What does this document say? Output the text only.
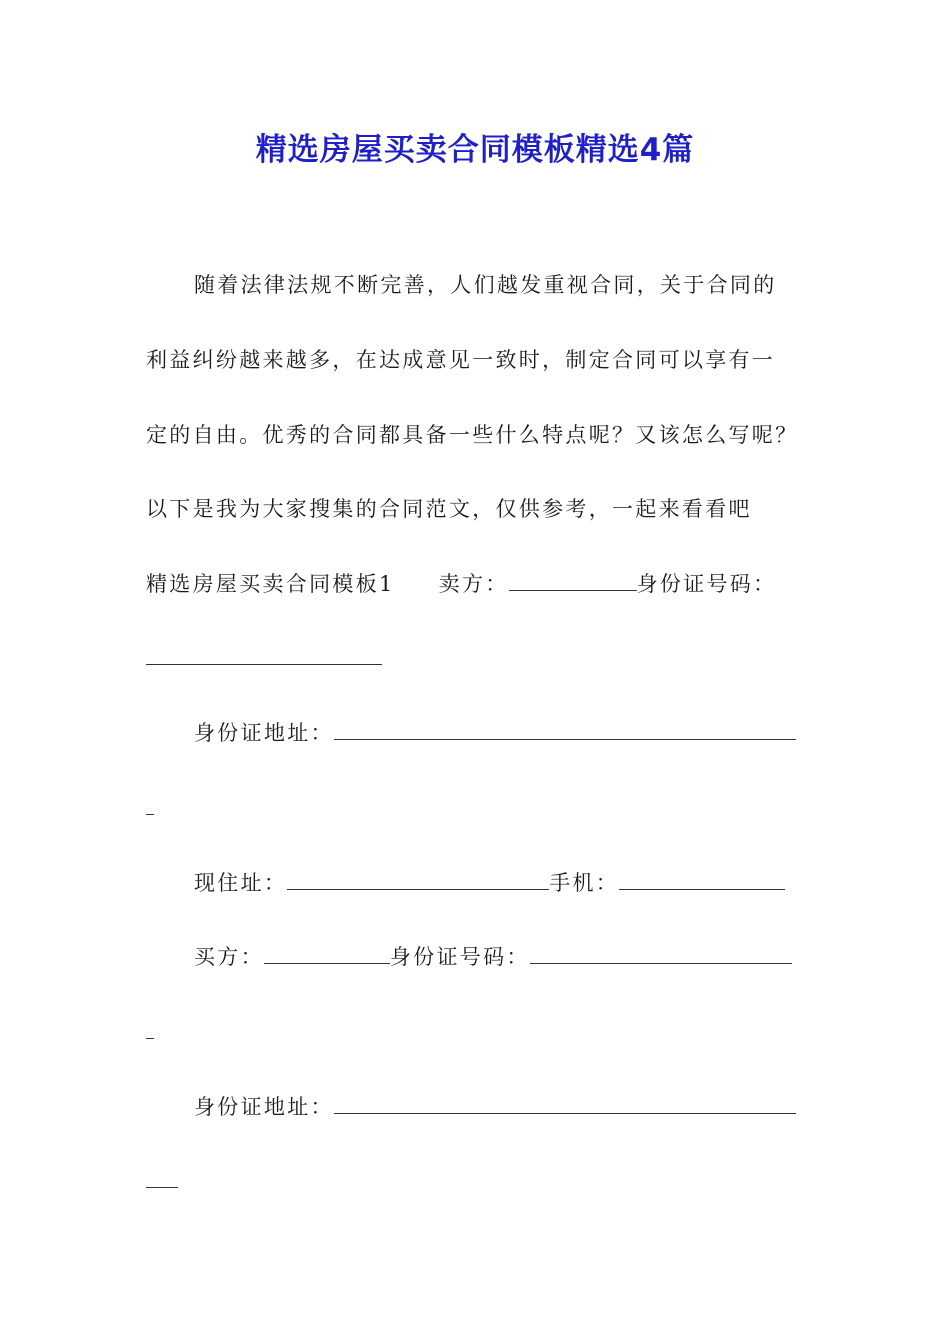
精选房屋买卖合同模板精选4篇
随着法律法规不断完善，人们越发重视合同，关于合同的
利益纠纷越来越多，在达成意见一致时，制定合同可以享有一
定的自由。优秀的合同都具备一些什么特点呢？又该怎么写呢？
以下是我为大家搜集的合同范文，仅供参考，一起来看看吧
精选房屋买卖合同模板1 卖方：	身份证号码：
身份证地址：
现住址：	手机：
买方：	身份证号码：
身份证地址：
